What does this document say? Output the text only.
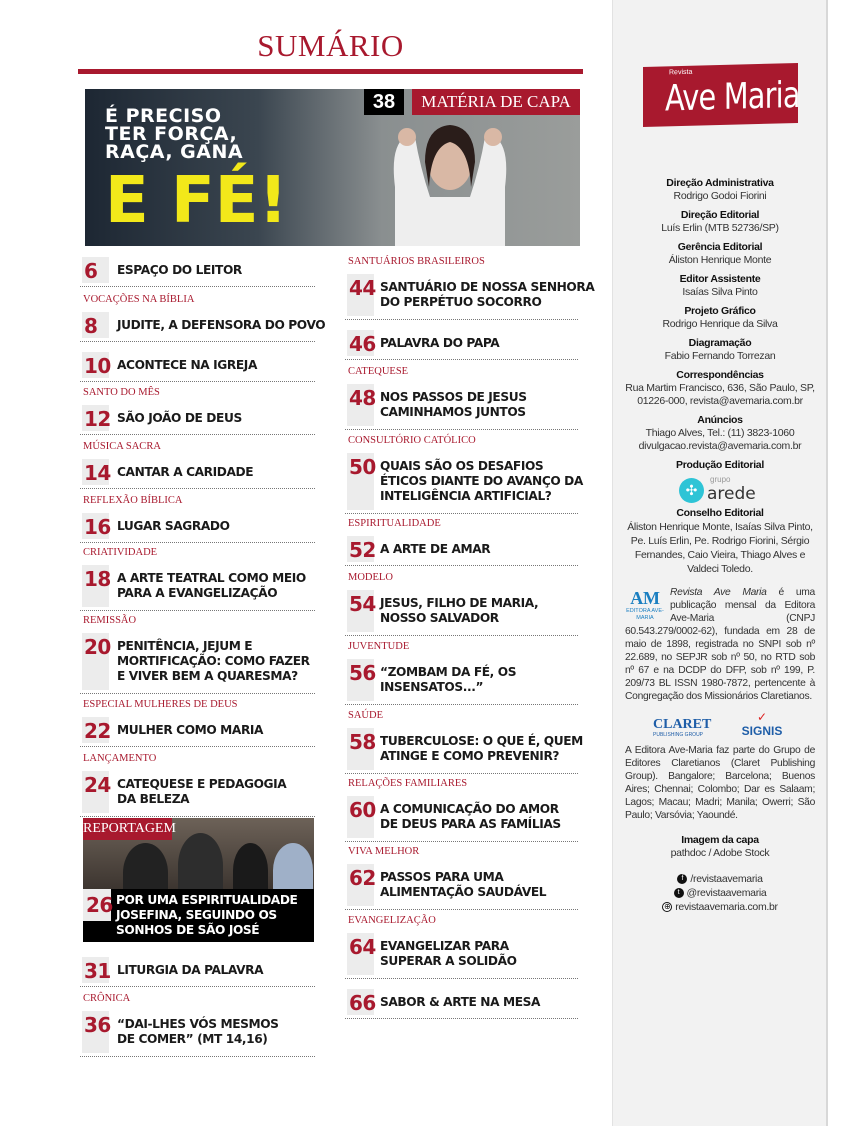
SUMÁRIO
É PRECISO
TER FORÇA,
RAÇA, GANA
E FÉ!
38	MATÉRIA DE CAPA
6 ESPAÇO DO LEITOR
VOCAÇÕES NA BÍBLIA
8 JUDITE, A DEFENSORA DO POVO
10 ACONTECE NA IGREJA
SANTO DO MÊS
12 SÃO JOÃO DE DEUS
MÚSICA SACRA
14 CANTAR A CARIDADE
REFLEXÃO BÍBLICA
16 LUGAR SAGRADO
CRIATIVIDADE
18 A ARTE TEATRAL COMO MEIO
PARA A EVANGELIZAÇÃO
REMISSÃO
20 PENITÊNCIA, JEJUM E
MORTIFICAÇÃO: COMO FAZER
E VIVER BEM A QUARESMA?
ESPECIAL MULHERES DE DEUS
22 MULHER COMO MARIA
LANÇAMENTO
24 CATEQUESE E PEDAGOGIA
DA BELEZA
31 LITURGIA DA PALAVRA
CRÔNICA
36 “DAI-LHES VÓS MESMOS
DE COMER” (MT 14,16)
SANTUÁRIOS BRASILEIROS
44 SANTUÁRIO DE NOSSA SENHORA
DO PERPÉTUO SOCORRO
46 PALAVRA DO PAPA
CATEQUESE
48 NOS PASSOS DE JESUS
CAMINHAMOS JUNTOS
CONSULTÓRIO CATÓLICO
50 QUAIS SÃO OS DESAFIOS
ÉTICOS DIANTE DO AVANÇO DA
INTELIGÊNCIA ARTIFICIAL?
ESPIRITUALIDADE
52 A ARTE DE AMAR
MODELO
54 JESUS, FILHO DE MARIA,
NOSSO SALVADOR
JUVENTUDE
56 “ZOMBAM DA FÉ, OS
INSENSATOS...”
SAÚDE
58 TUBERCULOSE: O QUE É, QUEM
ATINGE E COMO PREVENIR?
RELAÇÕES FAMILIARES
60 A COMUNICAÇÃO DO AMOR
DE DEUS PARA AS FAMÍLIAS
VIVA MELHOR
62 PASSOS PARA UMA
ALIMENTAÇÃO SAUDÁVEL
EVANGELIZAÇÃO
64 EVANGELIZAR PARA
SUPERAR A SOLIDÃO
66 SABOR & ARTE NA MESA
REPORTAGEM
26 POR UMA ESPIRITUALIDADE
JOSEFINA, SEGUINDO OS
SONHOS DE SÃO JOSÉ
Revista
Ave Maria
Direção Administrativa
Rodrigo Godoi Fiorini
Direção Editorial
Luís Erlin (MTB 52736/SP)
Gerência Editorial
Áliston Henrique Monte
Editor Assistente
Isaías Silva Pinto
Projeto Gráfico
Rodrigo Henrique da Silva
Diagramação
Fabio Fernando Torrezan
Correspondências
Rua Martim Francisco, 636, São Paulo, SP, 01226-000, revista@avemaria.com.br
Anúncios
Thiago Alves, Tel.: (11) 3823-1060 divulgacao.revista@avemaria.com.br
Produção Editorial
✣
grupo
arede
Conselho Editorial
Áliston Henrique Monte, Isaías Silva Pinto, Pe. Luís Erlin, Pe. Rodrigo Fiorini, Sérgio Fernandes, Caio Vieira, Thiago Alves e Valdeci Toledo.
AM
EDITORA AVE-MARIA
Revista Ave Maria é uma publicação mensal da Editora Ave-Maria (CNPJ 60.543.279/0002-62), fundada em 28 de maio de 1898, registrada no SNPI sob nº 22.689, no SEPJR sob nº 50, no RTD sob nº 67 e na DCDP do DFP, sob nº 199, P. 209/73 BL ISSN 1980-7872, pertencente à Congregação dos Missionários Claretianos.
CLARET
PUBLISHING GROUP
✓
SIGNIS
A Editora Ave-Maria faz parte do Grupo de Editores Claretianos (Claret Publishing Group). Bangalore; Barcelona; Buenos Aires; Chennai; Colombo; Dar es Salaam; Lagos; Macau; Madri; Manila; Owerri; São Paulo; Varsóvia; Yaoundé.
Imagem da capa
pathdoc / Adobe Stock
f /revistaavemaria
t @revistaavemaria
⊕ revistaavemaria.com.br
